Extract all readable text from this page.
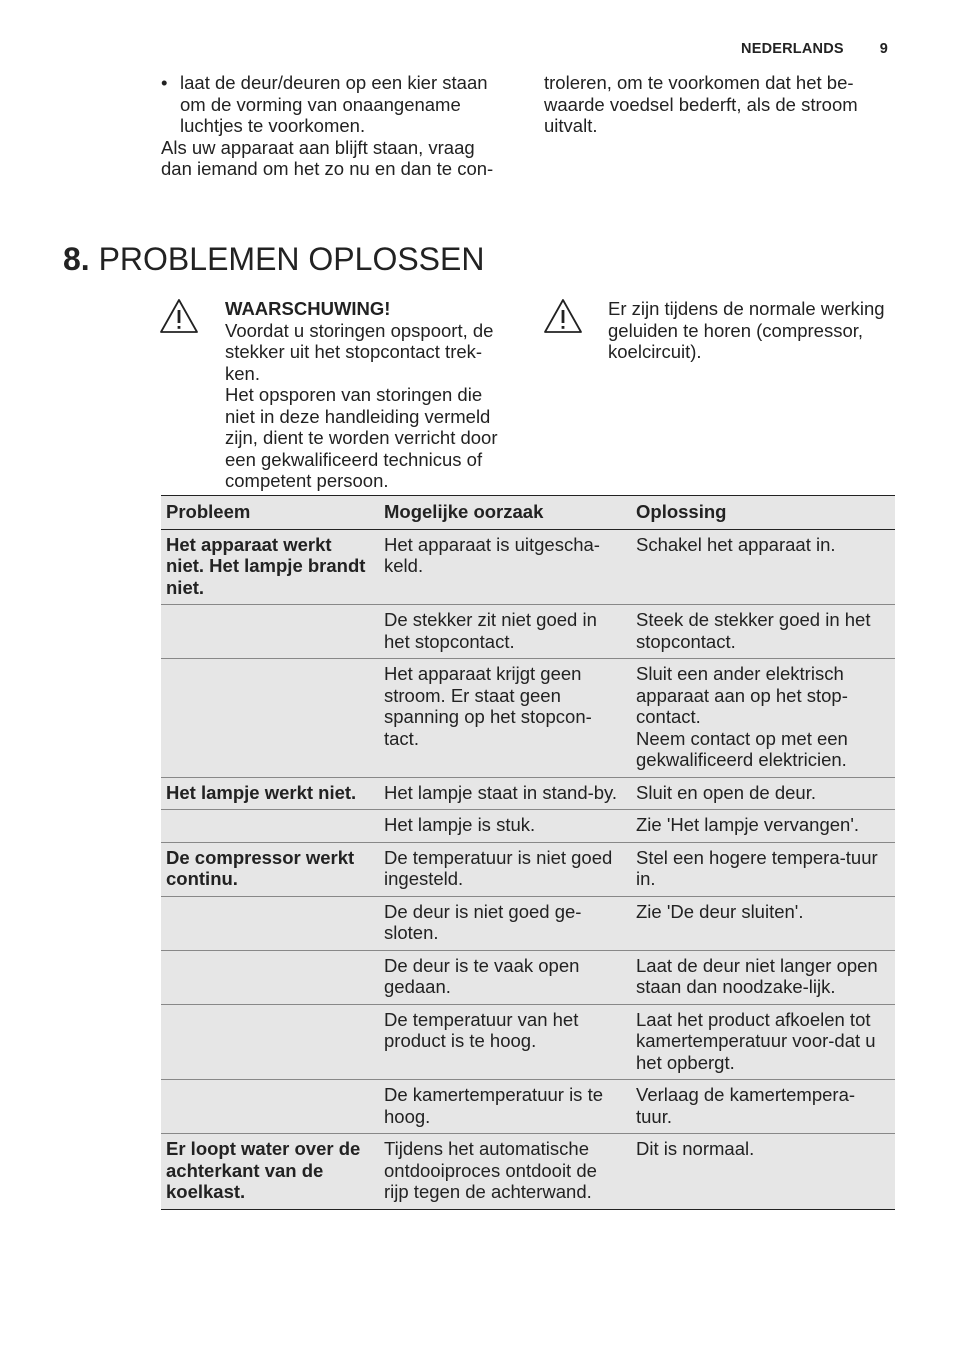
NEDERLANDS 9
• laat de deur/deuren op een kier staan om de vorming van onaangename luchtjes te voorkomen.

Als uw apparaat aan blijft staan, vraag dan iemand om het zo nu en dan te con-

troleren, om te voorkomen dat het be-waarde voedsel bederft, als de stroom uitvalt.

8. PROBLEMEN OPLOSSEN
WAARSCHUWING!
Voordat u storingen opspoort, de stekker uit het stopcontact trek-ken.
Het opsporen van storingen die niet in deze handleiding vermeld zijn, dient te worden verricht door een gekwalificeerd technicus of competent persoon.
Er zijn tijdens de normale werking geluiden te horen (compressor, koelcircuit).
Probleem	Mogelijke oorzaak	Oplossing
Het apparaat werkt niet. Het lampje brandt niet.	Het apparaat is uitgescha-keld.	Schakel het apparaat in.
	De stekker zit niet goed in het stopcontact.	Steek de stekker goed in het stopcontact.
	Het apparaat krijgt geen stroom. Er staat geen spanning op het stopcon-tact.	Sluit een ander elektrisch apparaat aan op het stop-contact.
Neem contact op met een gekwalificeerd elektricien.

Het lampje werkt niet.	Het lampje staat in stand-by.	Sluit en open de deur.
	Het lampje is stuk.	Zie 'Het lampje vervangen'.
De compressor werkt continu.	De temperatuur is niet goed ingesteld.	Stel een hogere tempera-tuur in.
	De deur is niet goed ge-sloten.	Zie 'De deur sluiten'.
	De deur is te vaak open gedaan.	Laat de deur niet langer open staan dan noodzake-lijk.
	De temperatuur van het product is te hoog.	Laat het product afkoelen tot kamertemperatuur voor-dat u het opbergt.
	De kamertemperatuur is te hoog.	Verlaag de kamertempera-tuur.
Er loopt water over de achterkant van de koelkast.	Tijdens het automatische ontdooiproces ontdooit de rijp tegen de achterwand.	Dit is normaal.
